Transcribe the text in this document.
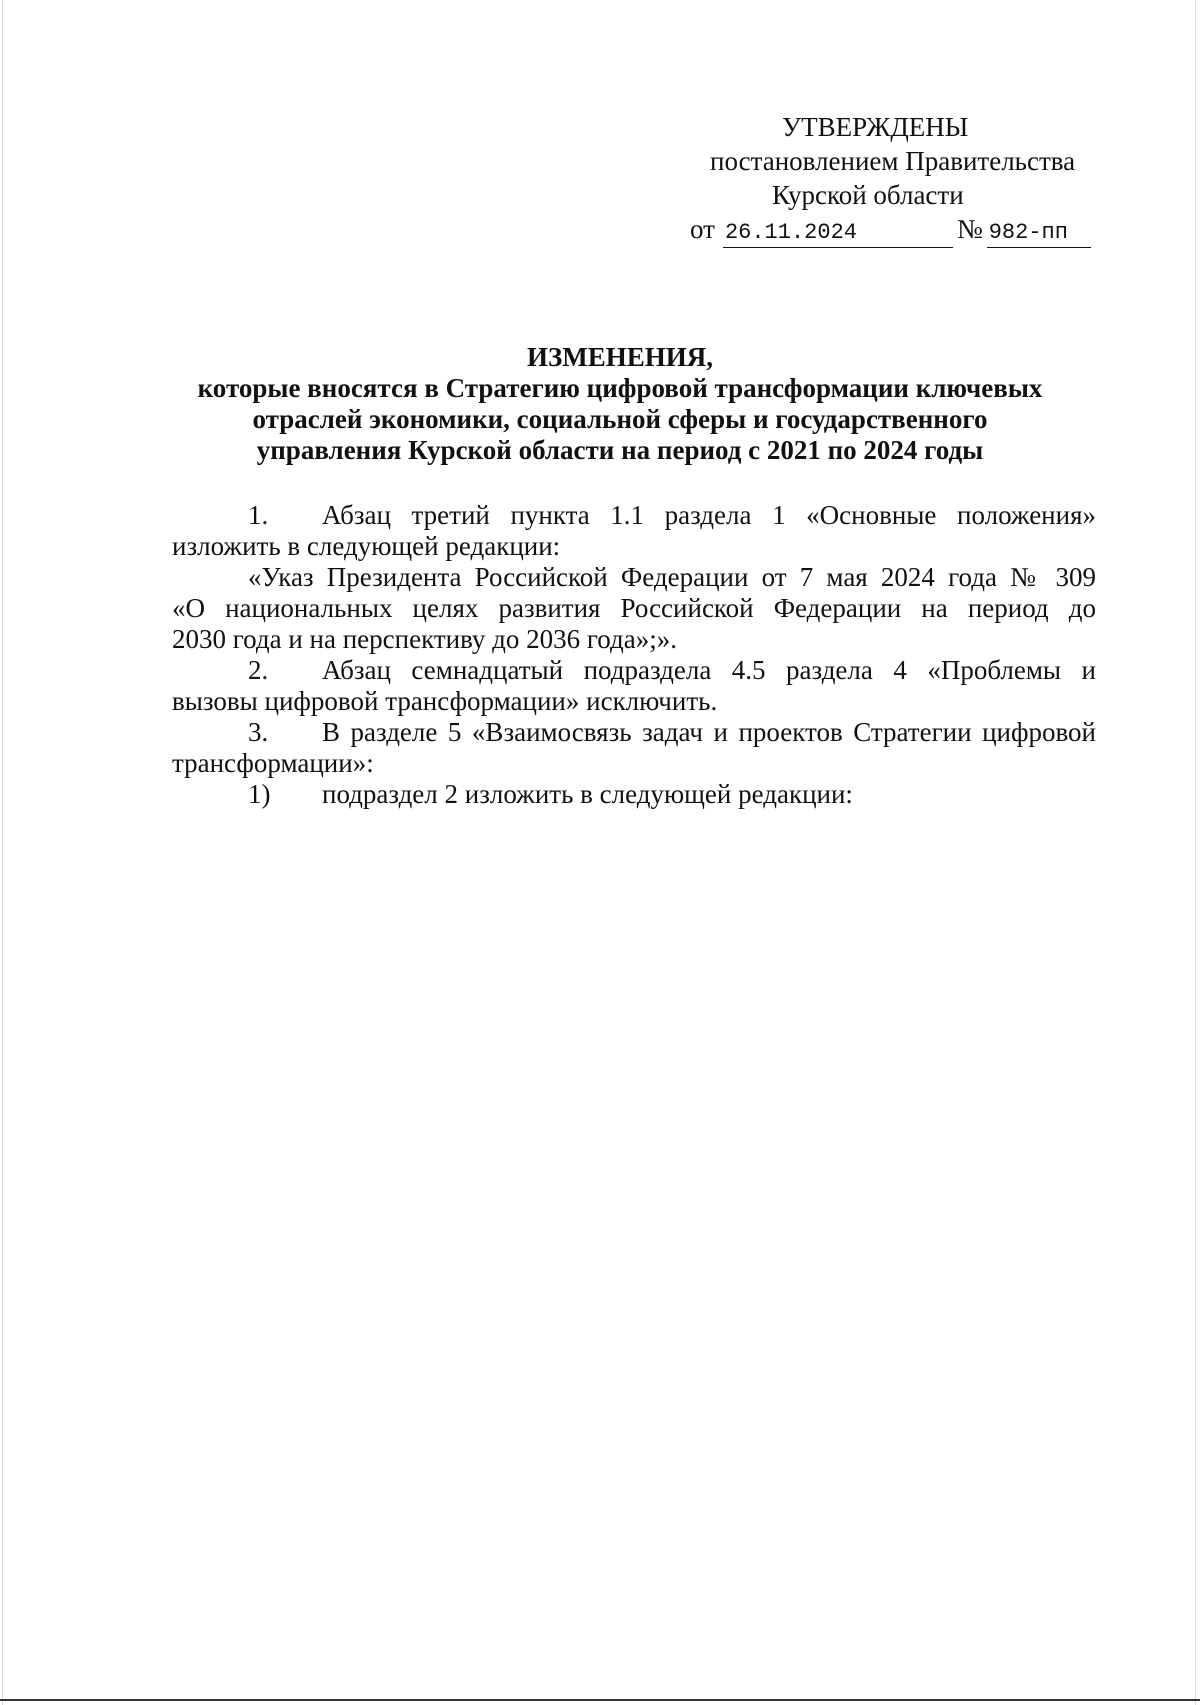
УТВЕРЖДЕНЫ
постановлением Правительства
Курской области
от 26.11.2024	№ 982-пп
ИЗМЕНЕНИЯ,
которые вносятся в Стратегию цифровой трансформации ключевых
отраслей экономики, социальной сферы и государственного
управления Курской области на период с 2021 по 2024 годы
1.	Абзац третий пункта 1.1 раздела 1 «Основные положения»
изложить в следующей редакции:
«Указ Президента Российской Федерации от 7 мая 2024 года № 309
«О национальных целях развития Российской Федерации на период до
2030 года и на перспективу до 2036 года»;».
2.	Абзац семнадцатый подраздела 4.5 раздела 4 «Проблемы и
вызовы цифровой трансформации» исключить.
3.	В разделе 5 «Взаимосвязь задач и проектов Стратегии цифровой
трансформации»:
1)	подраздел 2 изложить в следующей редакции:
